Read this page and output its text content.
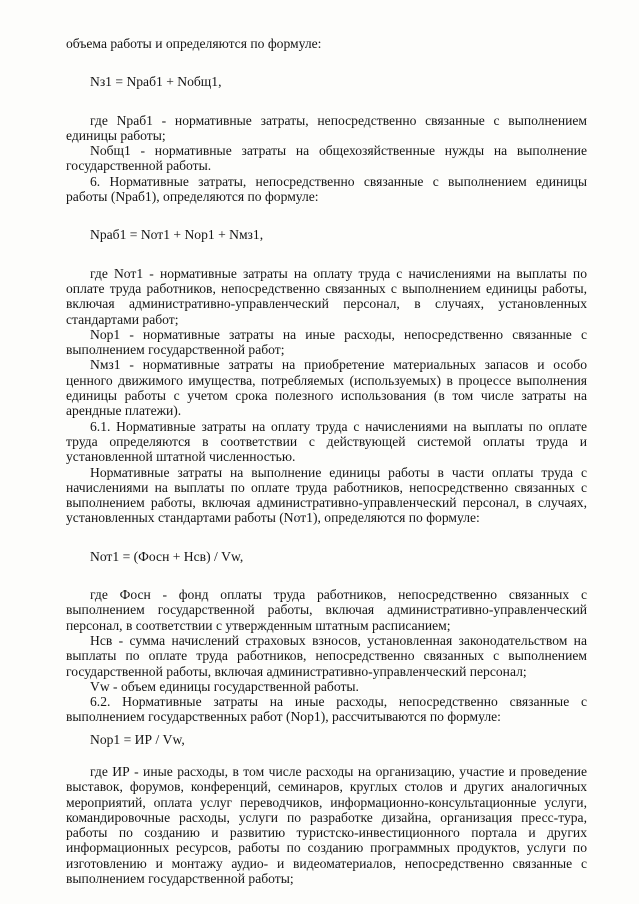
объема работы и определяются по формуле:

Nз1 = Nраб1 + Nобщ1,

где Nраб1 - нормативные затраты, непосредственно связанные с выполнением единицы работы;

Nобщ1 - нормативные затраты на общехозяйственные нужды на выполнение государственной работы.

6. Нормативные затраты, непосредственно связанные с выполнением единицы работы (Nраб1), определяются по формуле:

Nраб1 = Nот1 + Nор1 + Nмз1,

где Nот1 - нормативные затраты на оплату труда с начислениями на выплаты по оплате труда работников, непосредственно связанных с выполнением единицы работы, включая административно-управленческий персонал, в случаях, установленных стандартами работ;

Nор1 - нормативные затраты на иные расходы, непосредственно связанные с выполнением государственной работ;

Nмз1 - нормативные затраты на приобретение материальных запасов и особо ценного движимого имущества, потребляемых (используемых) в процессе выполнения единицы работы с учетом срока полезного использования (в том числе затраты на арендные платежи).

6.1. Нормативные затраты на оплату труда с начислениями на выплаты по оплате труда определяются в соответствии с действующей системой оплаты труда и установленной штатной численностью.

Нормативные затраты на выполнение единицы работы в части оплаты труда с начислениями на выплаты по оплате труда работников, непосредственно связанных с выполнением работы, включая административно-управленческий персонал, в случаях, установленных стандартами работы (Nот1), определяются по формуле:

Nот1 = (Фосн + Нсв) / Vw,

где Фосн - фонд оплаты труда работников, непосредственно связанных с выполнением государственной работы, включая административно-управленческий персонал, в соответствии с утвержденным штатным расписанием;

Нсв - сумма начислений страховых взносов, установленная законодательством на выплаты по оплате труда работников, непосредственно связанных с выполнением государственной работы, включая административно-управленческий персонал;

Vw - объем единицы государственной работы.

6.2. Нормативные затраты на иные расходы, непосредственно связанные с выполнением государственных работ (Nор1), рассчитываются по формуле:

Nор1 = ИР / Vw,

где ИР - иные расходы, в том числе расходы на организацию, участие и проведение выставок, форумов, конференций, семинаров, круглых столов и других аналогичных мероприятий, оплата услуг переводчиков, информационно-консультационные услуги, командировочные расходы, услуги по разработке дизайна, организация пресс-тура, работы по созданию и развитию туристско-инвестиционного портала и других информационных ресурсов, работы по созданию программных продуктов, услуги по изготовлению и монтажу аудио- и видеоматериалов, непосредственно связанные с выполнением государственной работы;
